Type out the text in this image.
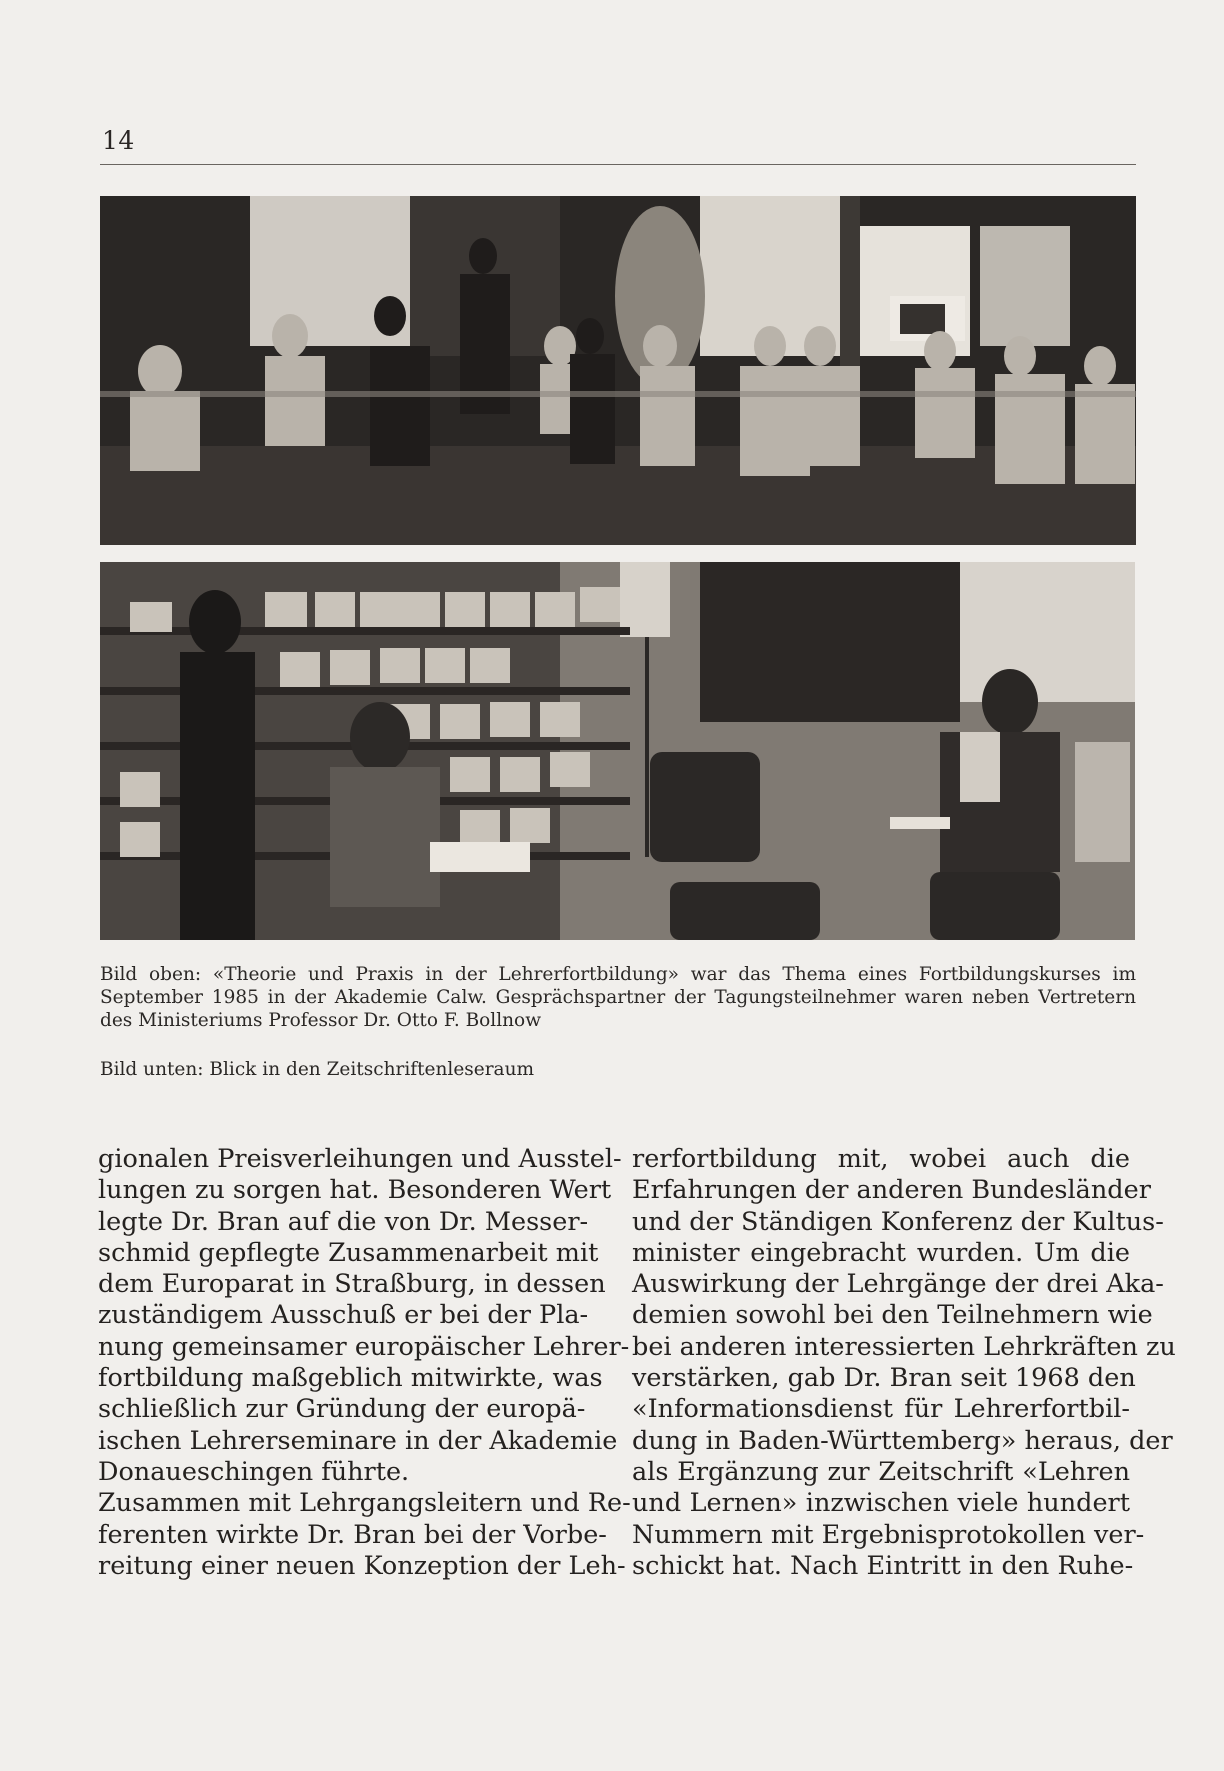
14
Bild oben: «Theorie und Praxis in der Lehrerfortbildung» war das Thema eines Fortbildungskurses im September 1985 in der Akademie Calw. Gesprächspartner der Tagungsteilnehmer waren neben Vertretern des Ministeriums Professor Dr. Otto F. Bollnow
Bild unten: Blick in den Zeitschriftenleseraum

gionalen Preisverleihungen und Ausstel-
lungen zu sorgen hat. Besonderen Wert
legte Dr. Bran auf die von Dr. Messer-
schmid gepflegte Zusammenarbeit mit
dem Europarat in Straßburg, in dessen
zuständigem Ausschuß er bei der Pla-
nung gemeinsamer europäischer Lehrer-
fortbildung maßgeblich mitwirkte, was
schließlich zur Gründung der europä-
ischen Lehrerseminare in der Akademie
Donaueschingen führte.

Zusammen mit Lehrgangsleitern und Re-
ferenten wirkte Dr. Bran bei der Vorbe-
reitung einer neuen Konzeption der Leh-

rerfortbildung mit, wobei auch die
Erfahrungen der anderen Bundesländer
und der Ständigen Konferenz der Kultus-
minister eingebracht wurden. Um die
Auswirkung der Lehrgänge der drei Aka-
demien sowohl bei den Teilnehmern wie
bei anderen interessierten Lehrkräften zu
verstärken, gab Dr. Bran seit 1968 den
«Informationsdienst für Lehrerfortbil-
dung in Baden-Württemberg» heraus, der
als Ergänzung zur Zeitschrift «Lehren
und Lernen» inzwischen viele hundert
Nummern mit Ergebnisprotokollen ver-
schickt hat. Nach Eintritt in den Ruhe-
